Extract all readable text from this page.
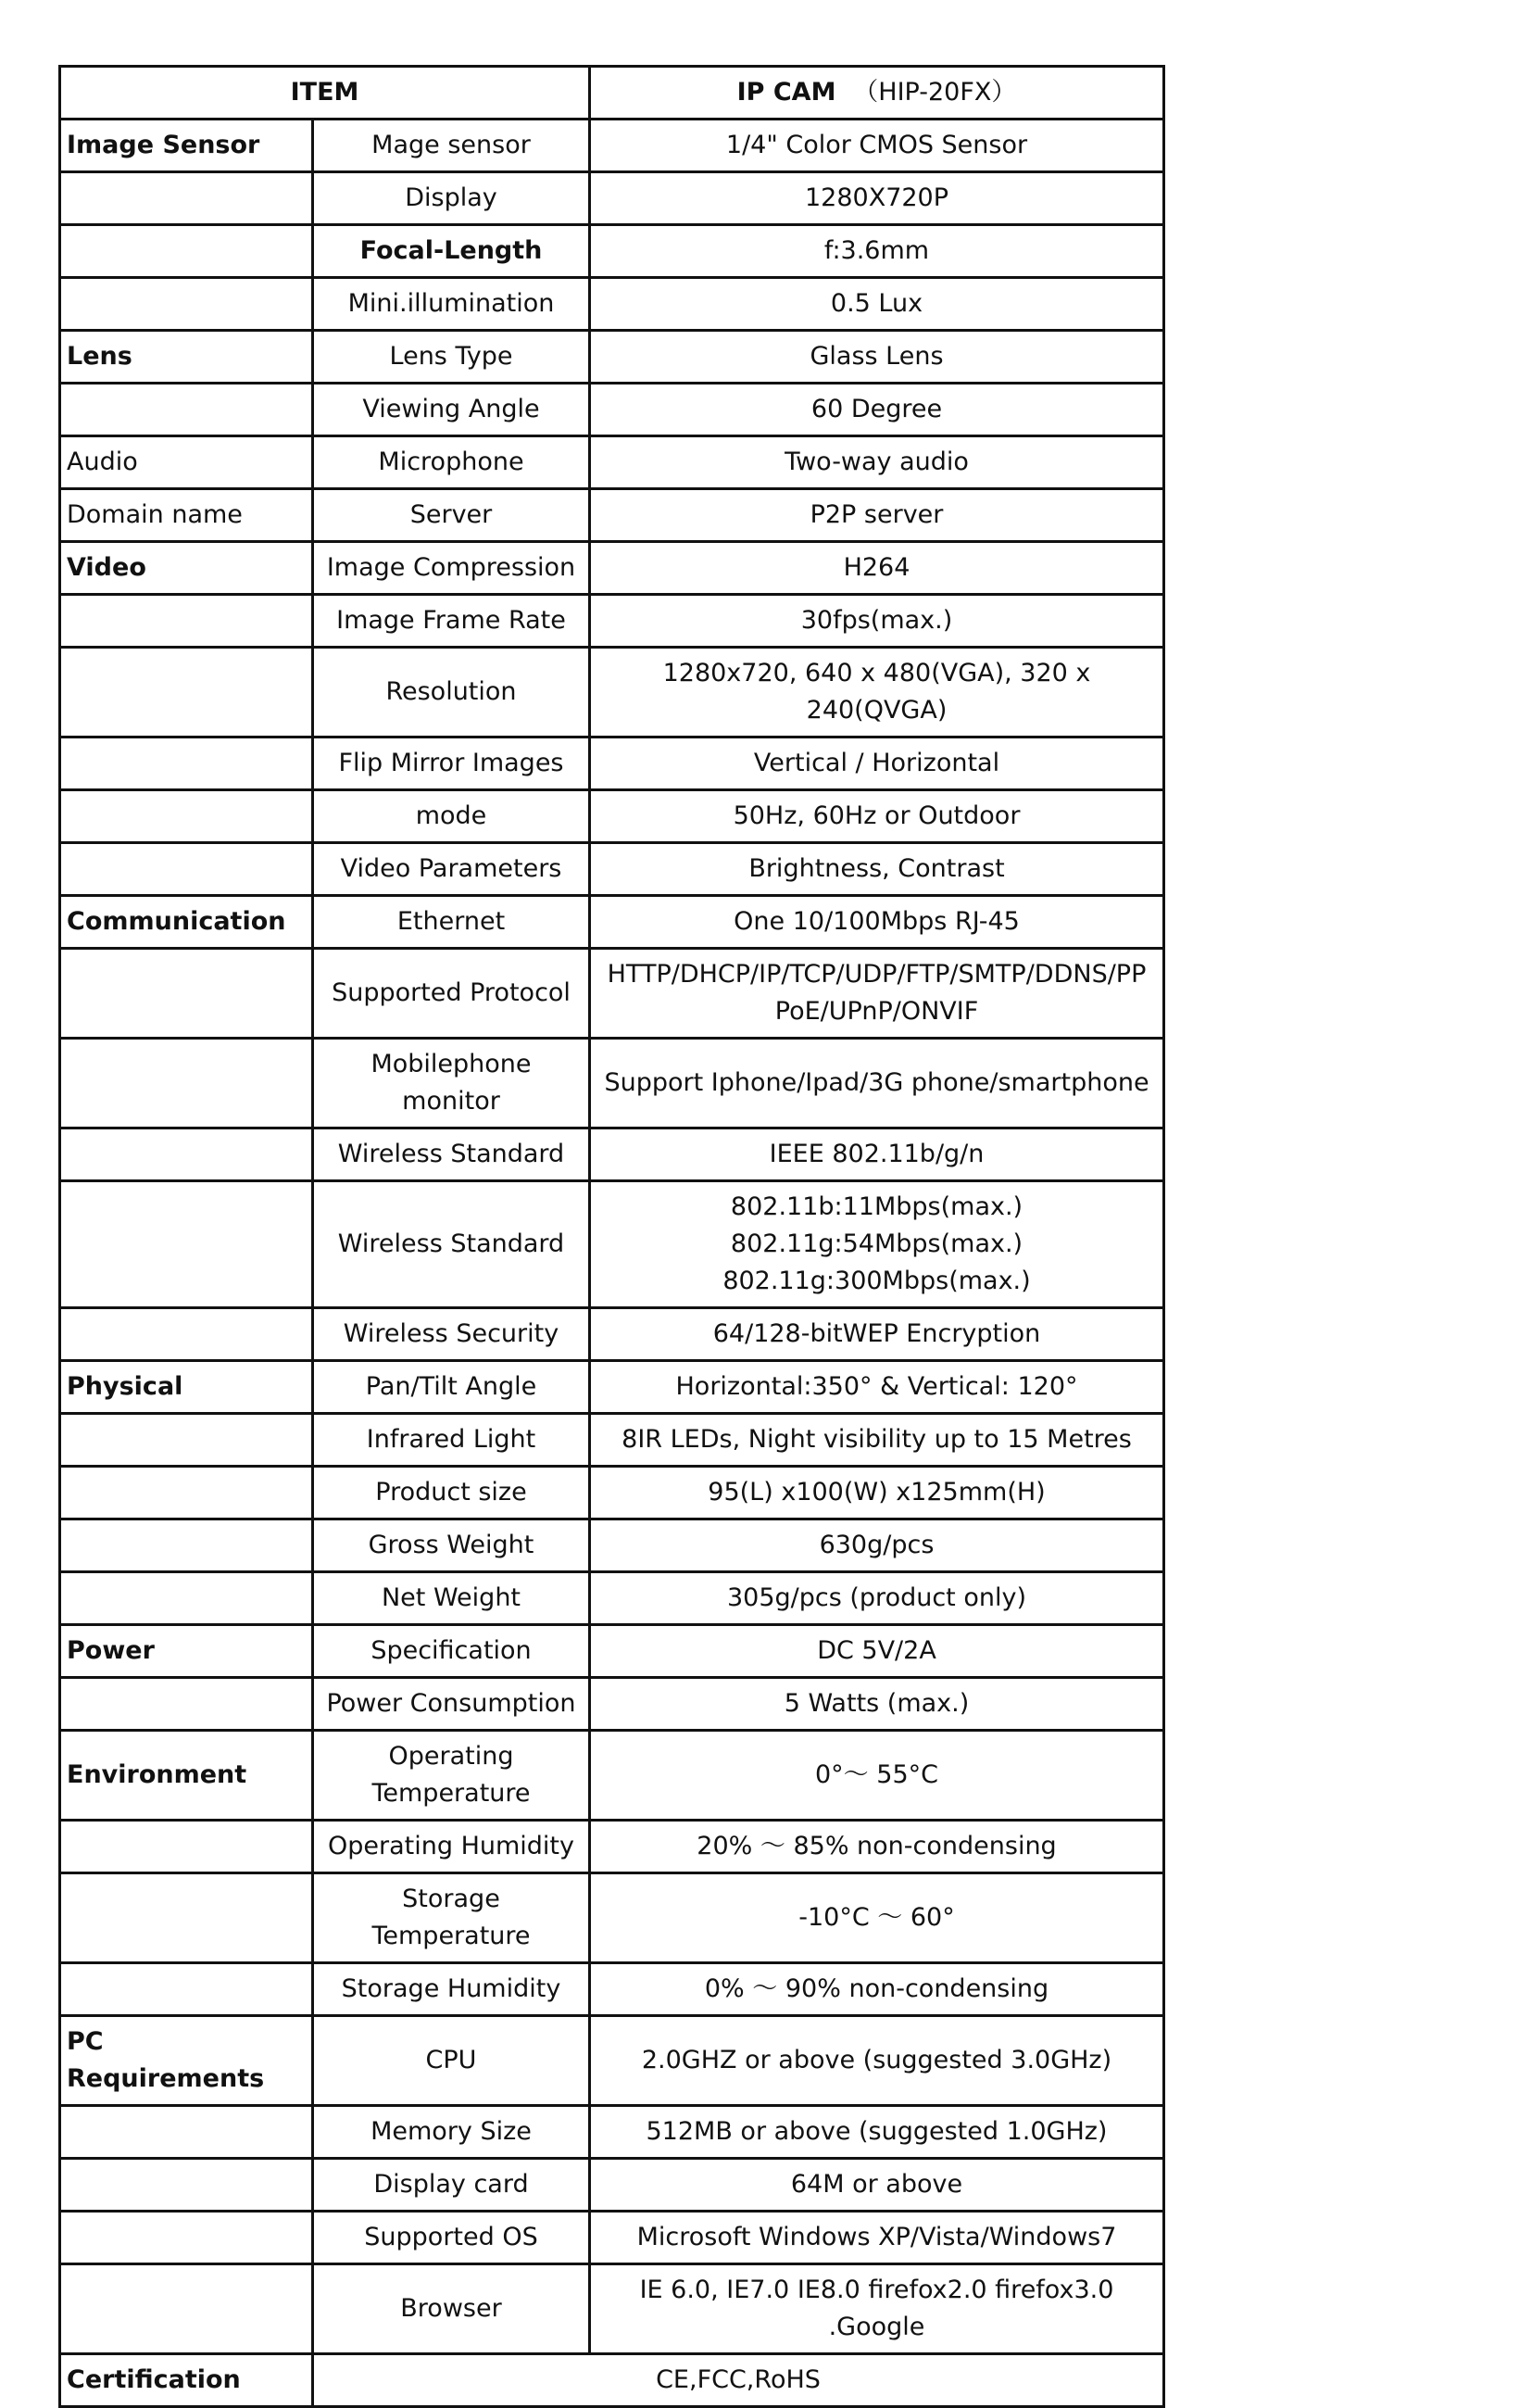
ITEM		IP CAM （HIP-20FX）
Image Sensor	Mage sensor	1/4" Color CMOS Sensor
	Display	1280X720P
	Focal-Length	f:3.6mm
	Mini.illumination	0.5 Lux
Lens	Lens Type	Glass Lens
	Viewing Angle	60 Degree
Audio	Microphone	Two-way audio
Domain name	Server	P2P server
Video	Image Compression	H264
	Image Frame Rate	30fps(max.)
	Resolution	1280x720, 640 x 480(VGA), 320 x 240(QVGA)
	Flip Mirror Images	Vertical / Horizontal
	mode	50Hz, 60Hz or Outdoor
	Video Parameters	Brightness, Contrast
Communication	Ethernet	One 10/100Mbps RJ-45
	Supported Protocol	HTTP/DHCP/IP/TCP/UDP/FTP/SMTP/DDNS/PPPoE/UPnP/ONVIF
	Mobilephone monitor	Support Iphone/Ipad/3G phone/smartphone
	Wireless Standard	IEEE 802.11b/g/n
	Wireless Standard	802.11b:11Mbps(max.)
802.11g:54Mbps(max.)
802.11g:300Mbps(max.)
	Wireless Security	64/128-bitWEP Encryption
Physical	Pan/Tilt Angle	Horizontal:350° & Vertical: 120°
	Infrared Light	8IR LEDs, Night visibility up to 15 Metres
	Product size	95(L) x100(W) x125mm(H)
	Gross Weight	630g/pcs
	Net Weight	305g/pcs (product only)
Power	Specification	DC 5V/2A
	Power Consumption	5 Watts (max.)
Environment	Operating Temperature	0°～ 55°C
	Operating Humidity	20% ～ 85% non-condensing
	Storage Temperature	-10°C ～ 60°
	Storage Humidity	0% ～ 90% non-condensing
PC Requirements	CPU	2.0GHZ or above (suggested 3.0GHz)
	Memory Size	512MB or above (suggested 1.0GHz)
	Display card	64M or above
	Supported OS	Microsoft Windows XP/Vista/Windows7
	Browser	IE 6.0, IE7.0 IE8.0 firefox2.0 firefox3.0 .Google
Certification	CE,FCC,RoHS	
